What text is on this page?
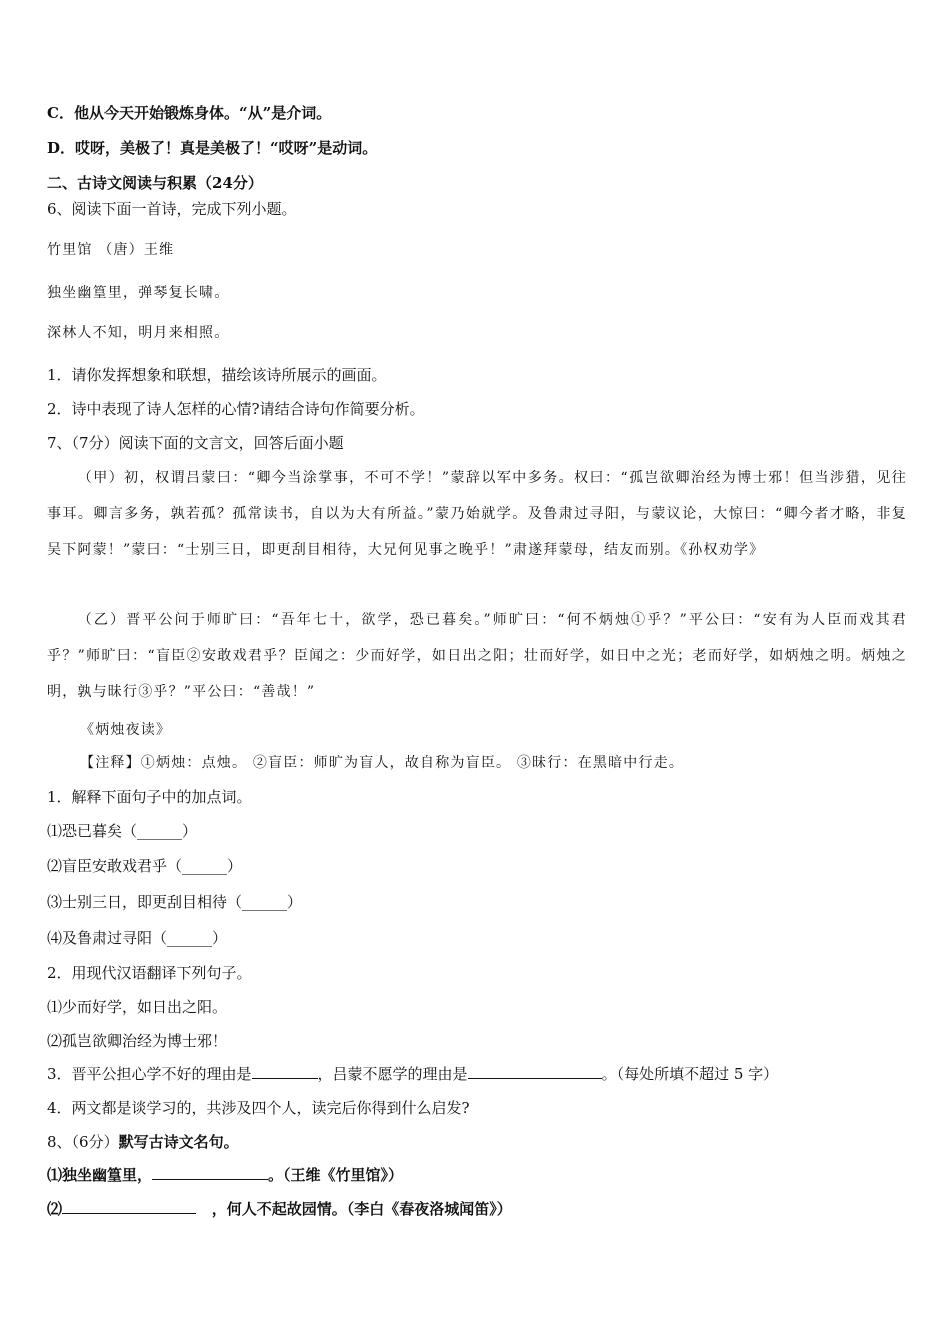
C．他从今天开始锻炼身体。“从”是介词。
D．哎呀，美极了！真是美极了！“哎呀”是动词。
二、古诗文阅读与积累（24分）
6、阅读下面一首诗，完成下列小题。
竹里馆 （唐）王维
独坐幽篁里，弹琴复长啸。
深林人不知，明月来相照。
1．请你发挥想象和联想，描绘该诗所展示的画面。
2．诗中表现了诗人怎样的心情?请结合诗句作简要分析。
7、（7分）阅读下面的文言文，回答后面小题
（甲）初，权谓吕蒙曰：“卿今当涂掌事，不可不学！”蒙辞以军中多务。权曰：“孤岂欲卿治经为博士邪！但当涉猎，见往事耳。卿言多务，孰若孤？孤常读书，自以为大有所益。”蒙乃始就学。及鲁肃过寻阳，与蒙议论，大惊曰：“卿今者才略，非复吴下阿蒙！”蒙曰：“士别三日，即更刮目相待，大兄何见事之晚乎！”肃遂拜蒙母，结友而别。《孙权劝学》
（乙）晋平公问于师旷曰：“吾年七十，欲学，恐已暮矣。”师旷曰：“何不炳烛①乎？”平公曰：“安有为人臣而戏其君乎？”师旷曰：“盲臣②安敢戏君乎？臣闻之：少而好学，如日出之阳；壮而好学，如日中之光；老而好学，如炳烛之明。炳烛之明，孰与昧行③乎？”平公曰：“善哉！”
《炳烛夜读》
【注释】①炳烛：点烛。 ②盲臣：师旷为盲人，故自称为盲臣。 ③昧行：在黑暗中行走。
1．解释下面句子中的加点词。
⑴恐已暮矣（______）
⑵盲臣安敢戏君乎（______）
⑶士别三日，即更刮目相待（______）
⑷及鲁肃过寻阳（______）
2．用现代汉语翻译下列句子。
⑴少而好学，如日出之阳。
⑵孤岂欲卿治经为博士邪！
3．晋平公担心学不好的理由是	，吕蒙不愿学的理由是	。（每处所填不超过 5 字）
4．两文都是谈学习的，共涉及四个人，读完后你得到什么启发?
8、（6分）默写古诗文名句。
⑴独坐幽篁里，	。（王维《竹里馆》）
⑵	，何人不起故园情。（李白《春夜洛城闻笛》）
